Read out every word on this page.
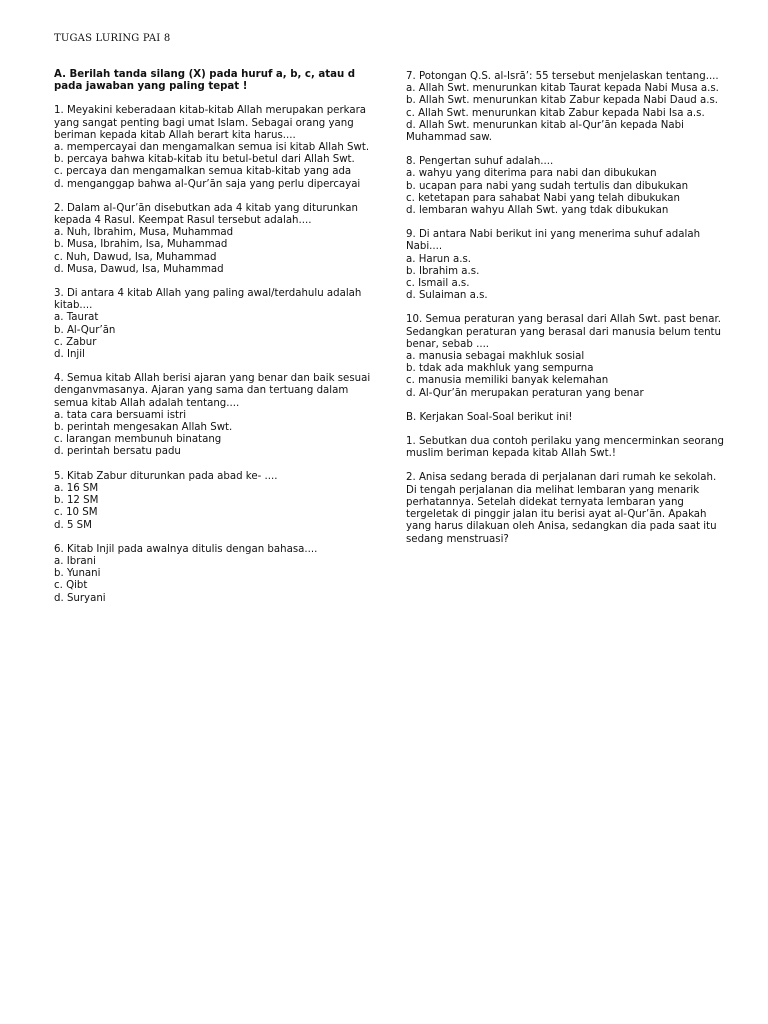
TUGAS LURING PAI 8
A. Berilah tanda silang (X) pada huruf a, b, c, atau d pada jawaban yang paling tepat !
1. Meyakini keberadaan kitab-kitab Allah merupakan perkara yang sangat penting bagi umat Islam. Sebagai orang yang beriman kepada kitab Allah berart kita harus....
a. mempercayai dan mengamalkan semua isi kitab Allah Swt.
b. percaya bahwa kitab-kitab itu betul-betul dari Allah Swt.
c. percaya dan mengamalkan semua kitab-kitab yang ada
d. menganggap bahwa al-Qur’ān saja yang perlu dipercayai
2. Dalam al-Qur’ān disebutkan ada 4 kitab yang diturunkan kepada 4 Rasul. Keempat Rasul tersebut adalah....
a. Nuh, Ibrahim, Musa, Muhammad
b. Musa, Ibrahim, Isa, Muhammad
c. Nuh, Dawud, Isa, Muhammad
d. Musa, Dawud, Isa, Muhammad
3. Di antara 4 kitab Allah yang paling awal/terdahulu adalah kitab....
a. Taurat
b. Al-Qur’ān
c. Zabur
d. Injil
4. Semua kitab Allah berisi ajaran yang benar dan baik sesuai denganvmasanya. Ajaran yang sama dan tertuang dalam semua kitab Allah adalah tentang....
a. tata cara bersuami istri
b. perintah mengesakan Allah Swt.
c. larangan membunuh binatang
d. perintah bersatu padu
5. Kitab Zabur diturunkan pada abad ke- ....
a. 16 SM
b. 12 SM
c. 10 SM
d. 5 SM
6. Kitab Injil pada awalnya ditulis dengan bahasa....
a. Ibrani
b. Yunani
c. Qibt
d. Suryani
7. Potongan Q.S. al-Isrā’: 55 tersebut menjelaskan tentang....
a. Allah Swt. menurunkan kitab Taurat kepada Nabi Musa a.s.
b. Allah Swt. menurunkan kitab Zabur kepada Nabi Daud a.s.
c. Allah Swt. menurunkan kitab Zabur kepada Nabi Isa a.s.
d. Allah Swt. menurunkan kitab al-Qur’ān kepada Nabi Muhammad saw.
8. Pengertan suhuf adalah....
a. wahyu yang diterima para nabi dan dibukukan
b. ucapan para nabi yang sudah tertulis dan dibukukan
c. ketetapan para sahabat Nabi yang telah dibukukan
d. lembaran wahyu Allah Swt. yang tdak dibukukan
9. Di antara Nabi berikut ini yang menerima suhuf adalah Nabi....
a. Harun a.s.
b. Ibrahim a.s.
c. Ismail a.s.
d. Sulaiman a.s.
10. Semua peraturan yang berasal dari Allah Swt. past benar. Sedangkan peraturan yang berasal dari manusia belum tentu benar, sebab ....
a. manusia sebagai makhluk sosial
b. tdak ada makhluk yang sempurna
c. manusia memiliki banyak kelemahan
d. Al-Qur’ān merupakan peraturan yang benar
B. Kerjakan Soal-Soal berikut ini!
1. Sebutkan dua contoh perilaku yang mencerminkan seorang muslim beriman kepada kitab Allah Swt.!
2. Anisa sedang berada di perjalanan dari rumah ke sekolah. Di tengah perjalanan dia melihat lembaran yang menarik perhatannya. Setelah didekat ternyata lembaran yang tergeletak di pinggir jalan itu berisi ayat al-Qur’ān. Apakah yang harus dilakuan oleh Anisa, sedangkan dia pada saat itu sedang menstruasi?
